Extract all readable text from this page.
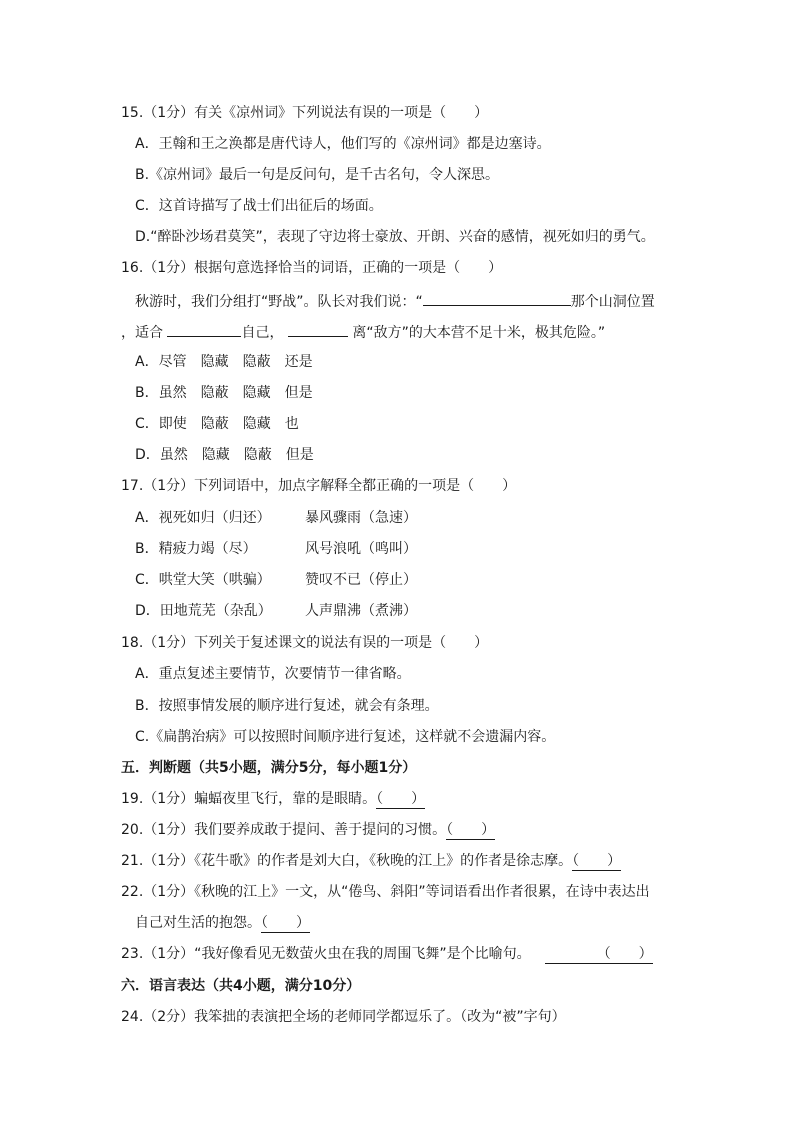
15.（1分）有关《凉州词》下列说法有误的一项是（　　）
A．王翰和王之涣都是唐代诗人，他们写的《凉州词》都是边塞诗。
B.《凉州词》最后一句是反问句，是千古名句，令人深思。
C．这首诗描写了战士们出征后的场面。
D.“醉卧沙场君莫笑”，表现了守边将士豪放、开朗、兴奋的感情，视死如归的勇气。
16.（1分）根据句意选择恰当的词语，正确的一项是（　　）
秋游时，我们分组打“野战”。队长对我们说：“	那个山洞位置
，适合	自己，	离“敌方”的大本营不足十米，极其危险。”
A．尽管　隐藏　隐蔽　还是
B．虽然　隐蔽　隐藏　但是
C．即使　隐蔽　隐藏　也
D．虽然　隐藏　隐蔽　但是
17.（1分）下列词语中，加点字解释全都正确的一项是（　　）
A．视死如归（归还） 暴风骤雨（急速）
B．精疲力竭（尽）	风号浪吼（鸣叫）
C．哄堂大笑（哄骗） 赞叹不已（停止）
D．田地荒芜（杂乱） 人声鼎沸（煮沸）
18.（1分）下列关于复述课文的说法有误的一项是（　　）
A．重点复述主要情节，次要情节一律省略。
B．按照事情发展的顺序进行复述，就会有条理。
C.《扁鹊治病》可以按照时间顺序进行复述，这样就不会遗漏内容。
五．判断题（共5小题，满分5分，每小题1分）
19.（1分）蝙蝠夜里飞行，靠的是眼睛。（　　）
20.（1分）我们要养成敢于提问、善于提问的习惯。（　　）
21.（1分）《花牛歌》的作者是刘大白，《秋晚的江上》的作者是徐志摩。（　　）
22.（1分）《秋晚的江上》一文，从“倦鸟、斜阳”等词语看出作者很累，在诗中表达出
自己对生活的抱怨。（　　）
23.（1分）“我好像看见无数萤火虫在我的周围飞舞”是个比喻句。	（　　）
六．语言表达（共4小题，满分10分）
24.（2分）我笨拙的表演把全场的老师同学都逗乐了。（改为“被”字句）
